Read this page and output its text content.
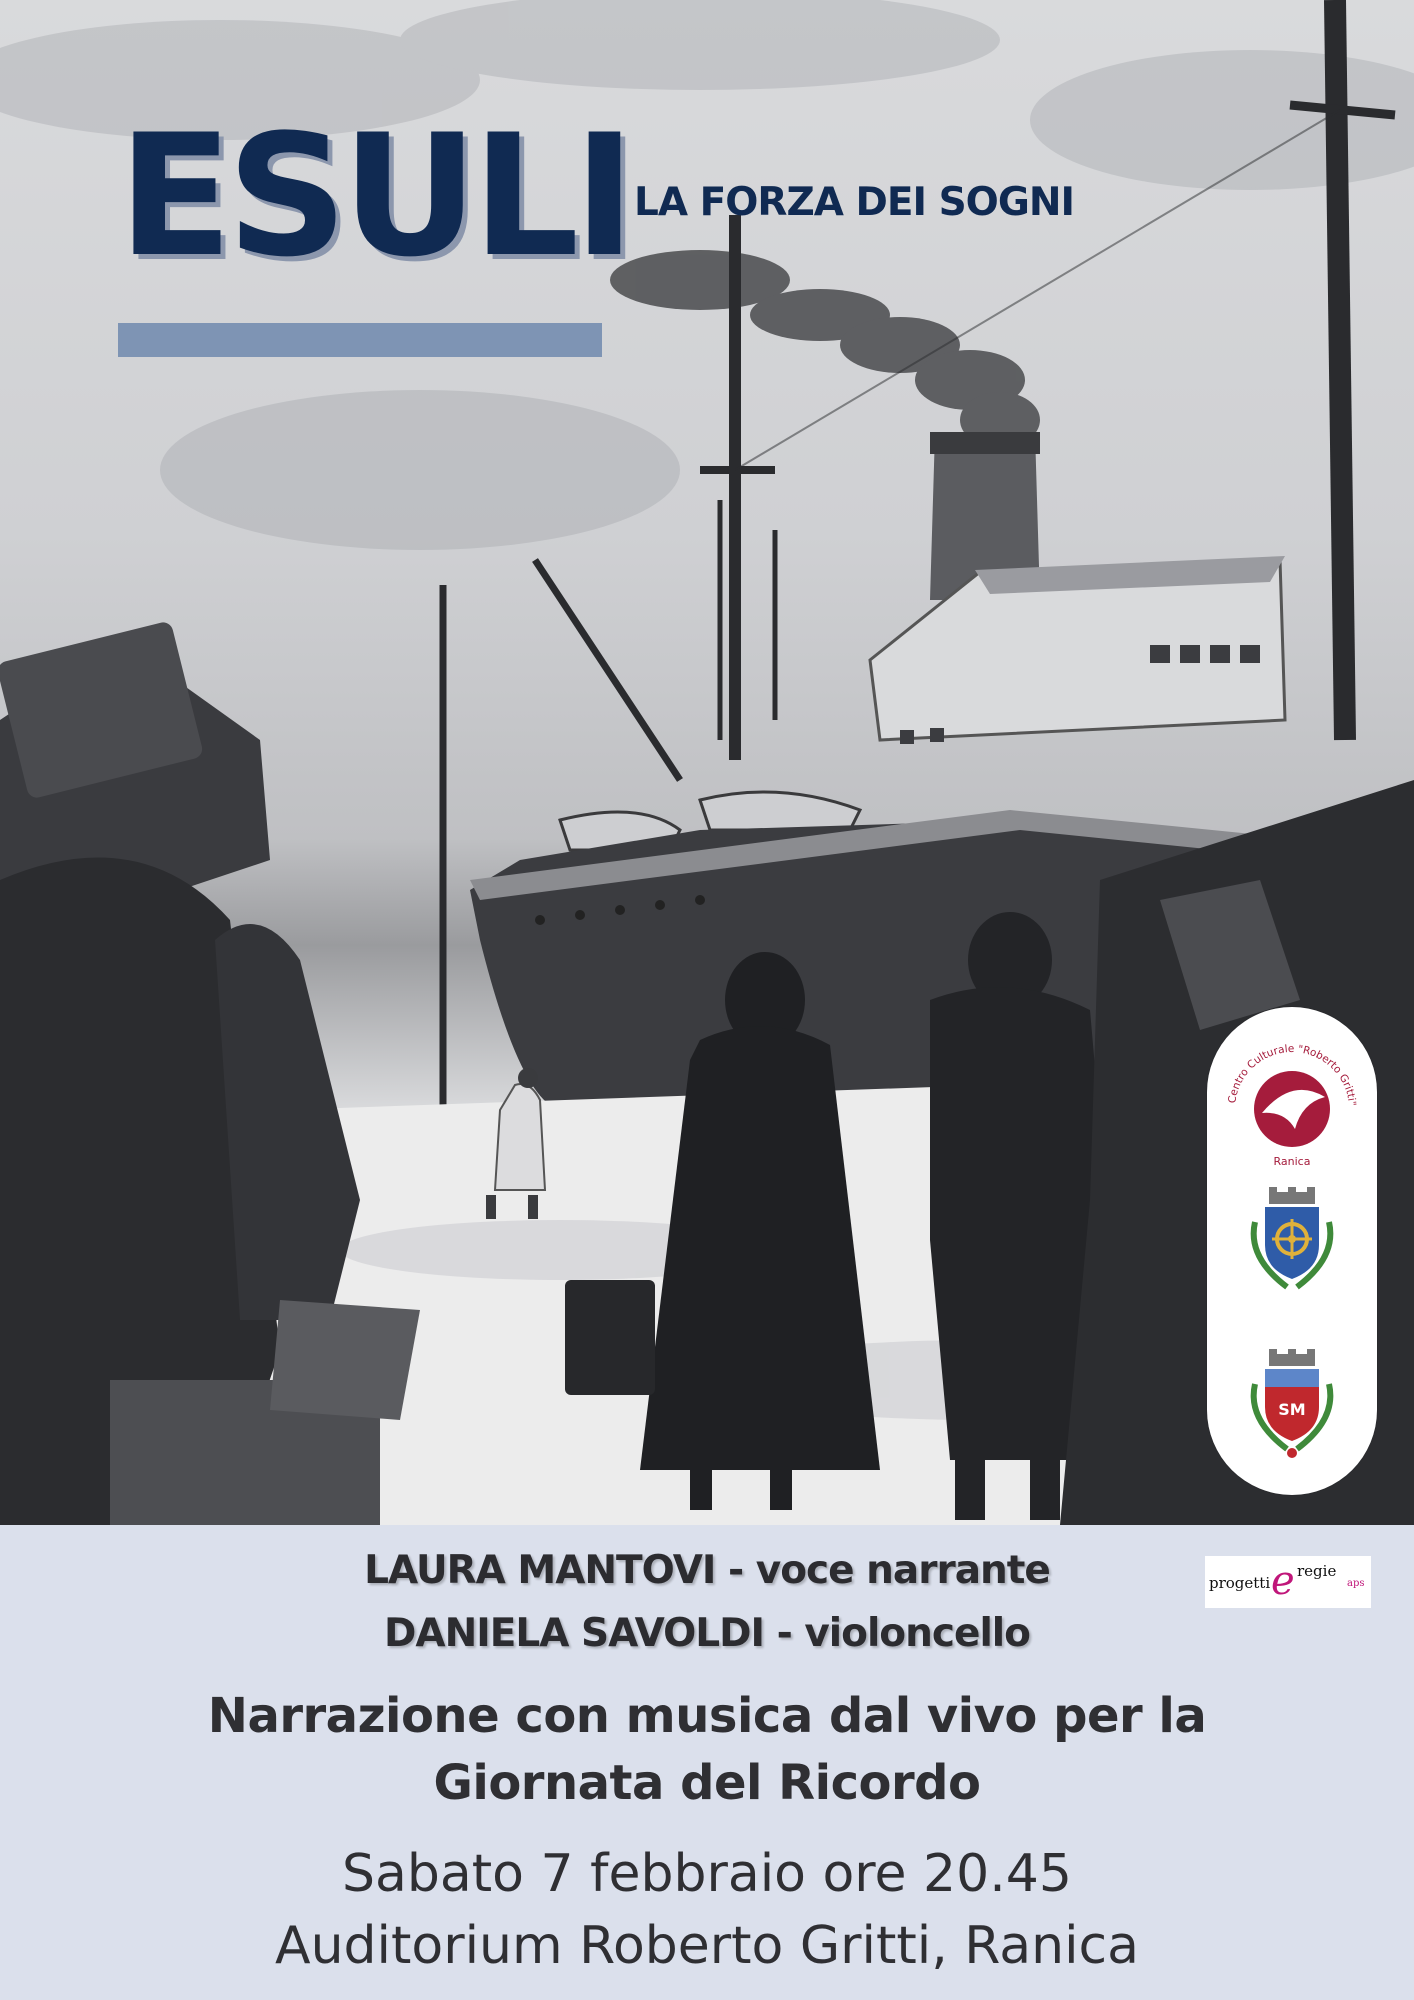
ESULI LA FORZA DEI SOGNI
Centro Culturale "Roberto Gritti"
Ranica
SM

LAURA MANTOVI - voce narrante

DANIELA SAVOLDI - violoncello

Narrazione con musica dal vivo per la

Giornata del Ricordo

Sabato 7 febbraio ore 20.45

Auditorium Roberto Gritti, Ranica

progetti e regie
aps
